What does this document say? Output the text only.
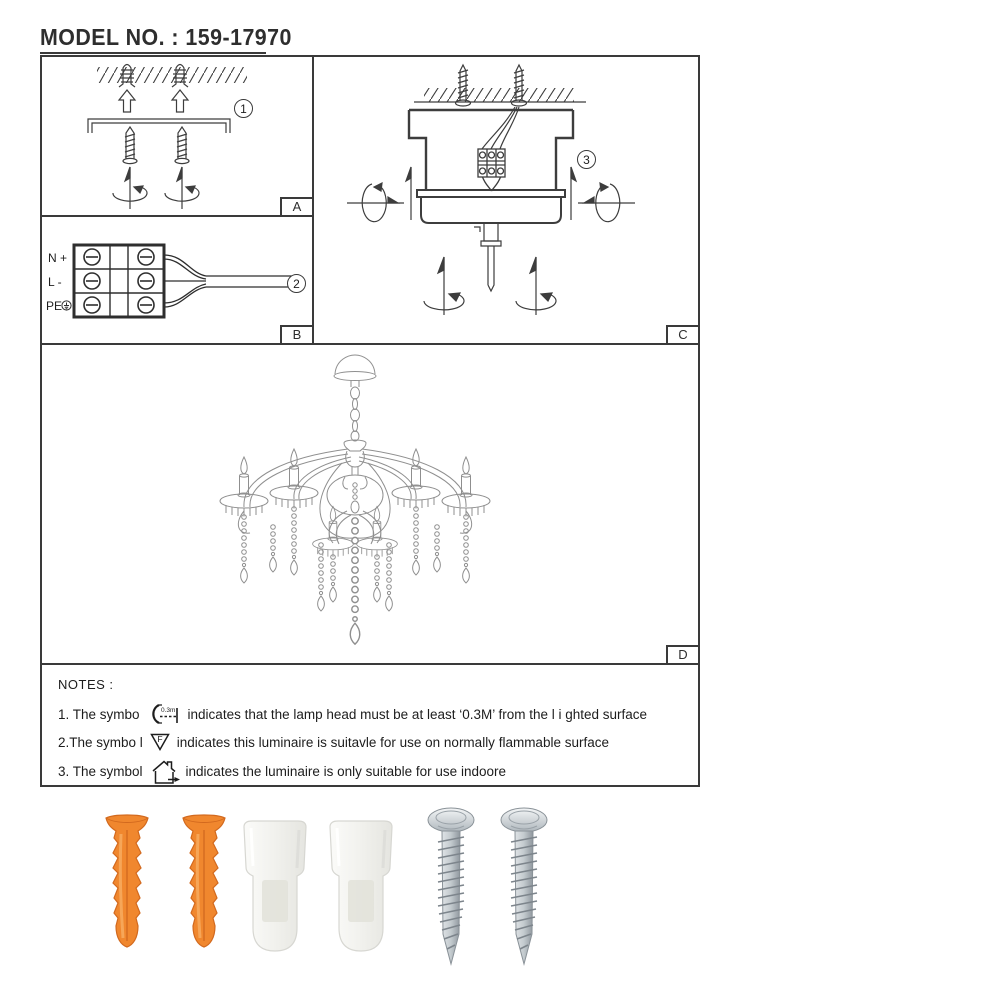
MODEL NO. : 159-17970
1
A
N +
L -
PE
2
B
3
C
D
NOTES :
1. The symbo	0.3m indicates that the lamp head must be at least ‘0.3M’ from the l i ghted surface
2.The symbo l F indicates this luminaire is suitavle for use on normally flammable surface
3. The symbol	indicates the luminaire is only suitable for use indoore
